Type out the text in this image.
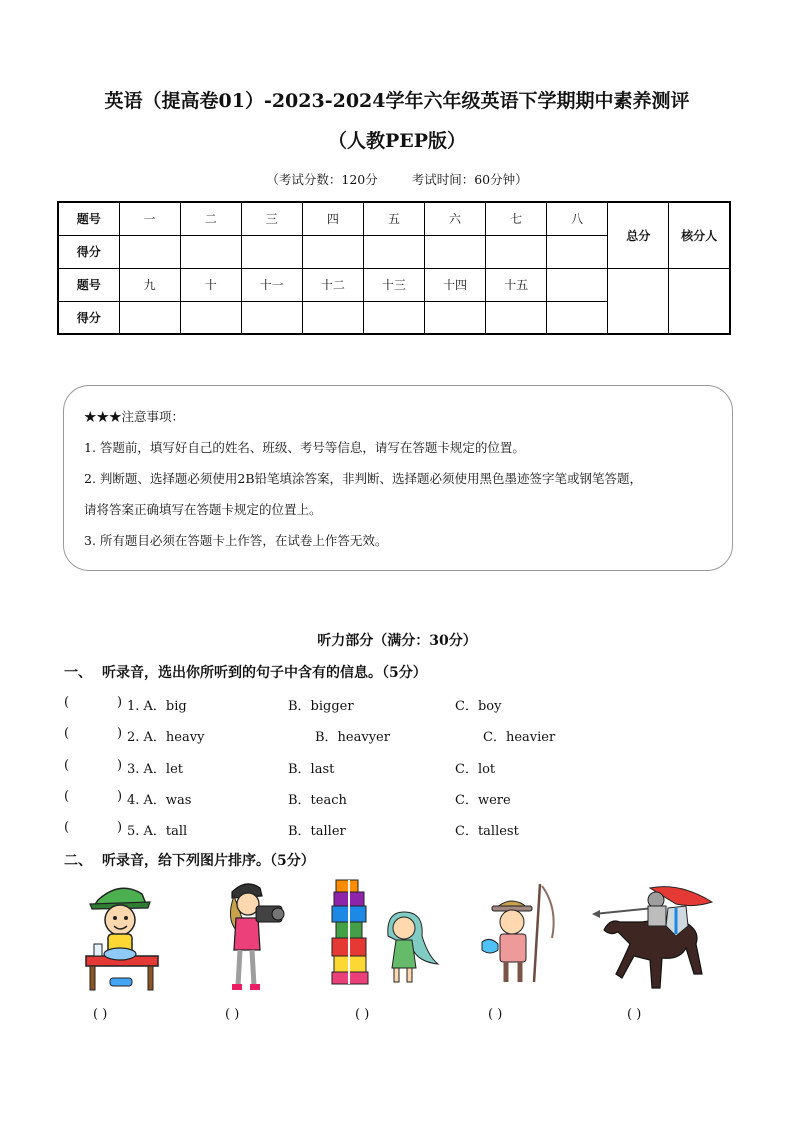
英语（提高卷01）-2023-2024学年六年级英语下学期期中素养测评
（人教PEP版）
（考试分数：120分	考试时间：60分钟）
题号	一	二	三	四	五	六	七	八	总分	核分人
得分										
题号	九	十	十一	十二	十三	十四	十五			
得分										

★★★注意事项：

1. 答题前，填写好自己的姓名、班级、考号等信息，请写在答题卡规定的位置。

2. 判断题、选择题必须使用2B铅笔填涂答案，非判断、选择题必须使用黑色墨迹签字笔或钢笔答题，

请将答案正确填写在答题卡规定的位置上。

3. 所有题目必须在答题卡上作答，在试卷上作答无效。

听力部分（满分：30分）
一、 听录音，选出你所听到的句子中含有的信息。（5分）
(	) 1. A．big	B．bigger	C．boy
(	) 2. A．heavy	B．heavyer	C．heavier
(	) 3. A．let	B．last	C．lot
(	) 4. A．was	B．teach	C．were
(	) 5. A．tall	B．taller	C．tallest
二、 听录音，给下列图片排序。（5分）
( )	( )	( )	( )	( )
